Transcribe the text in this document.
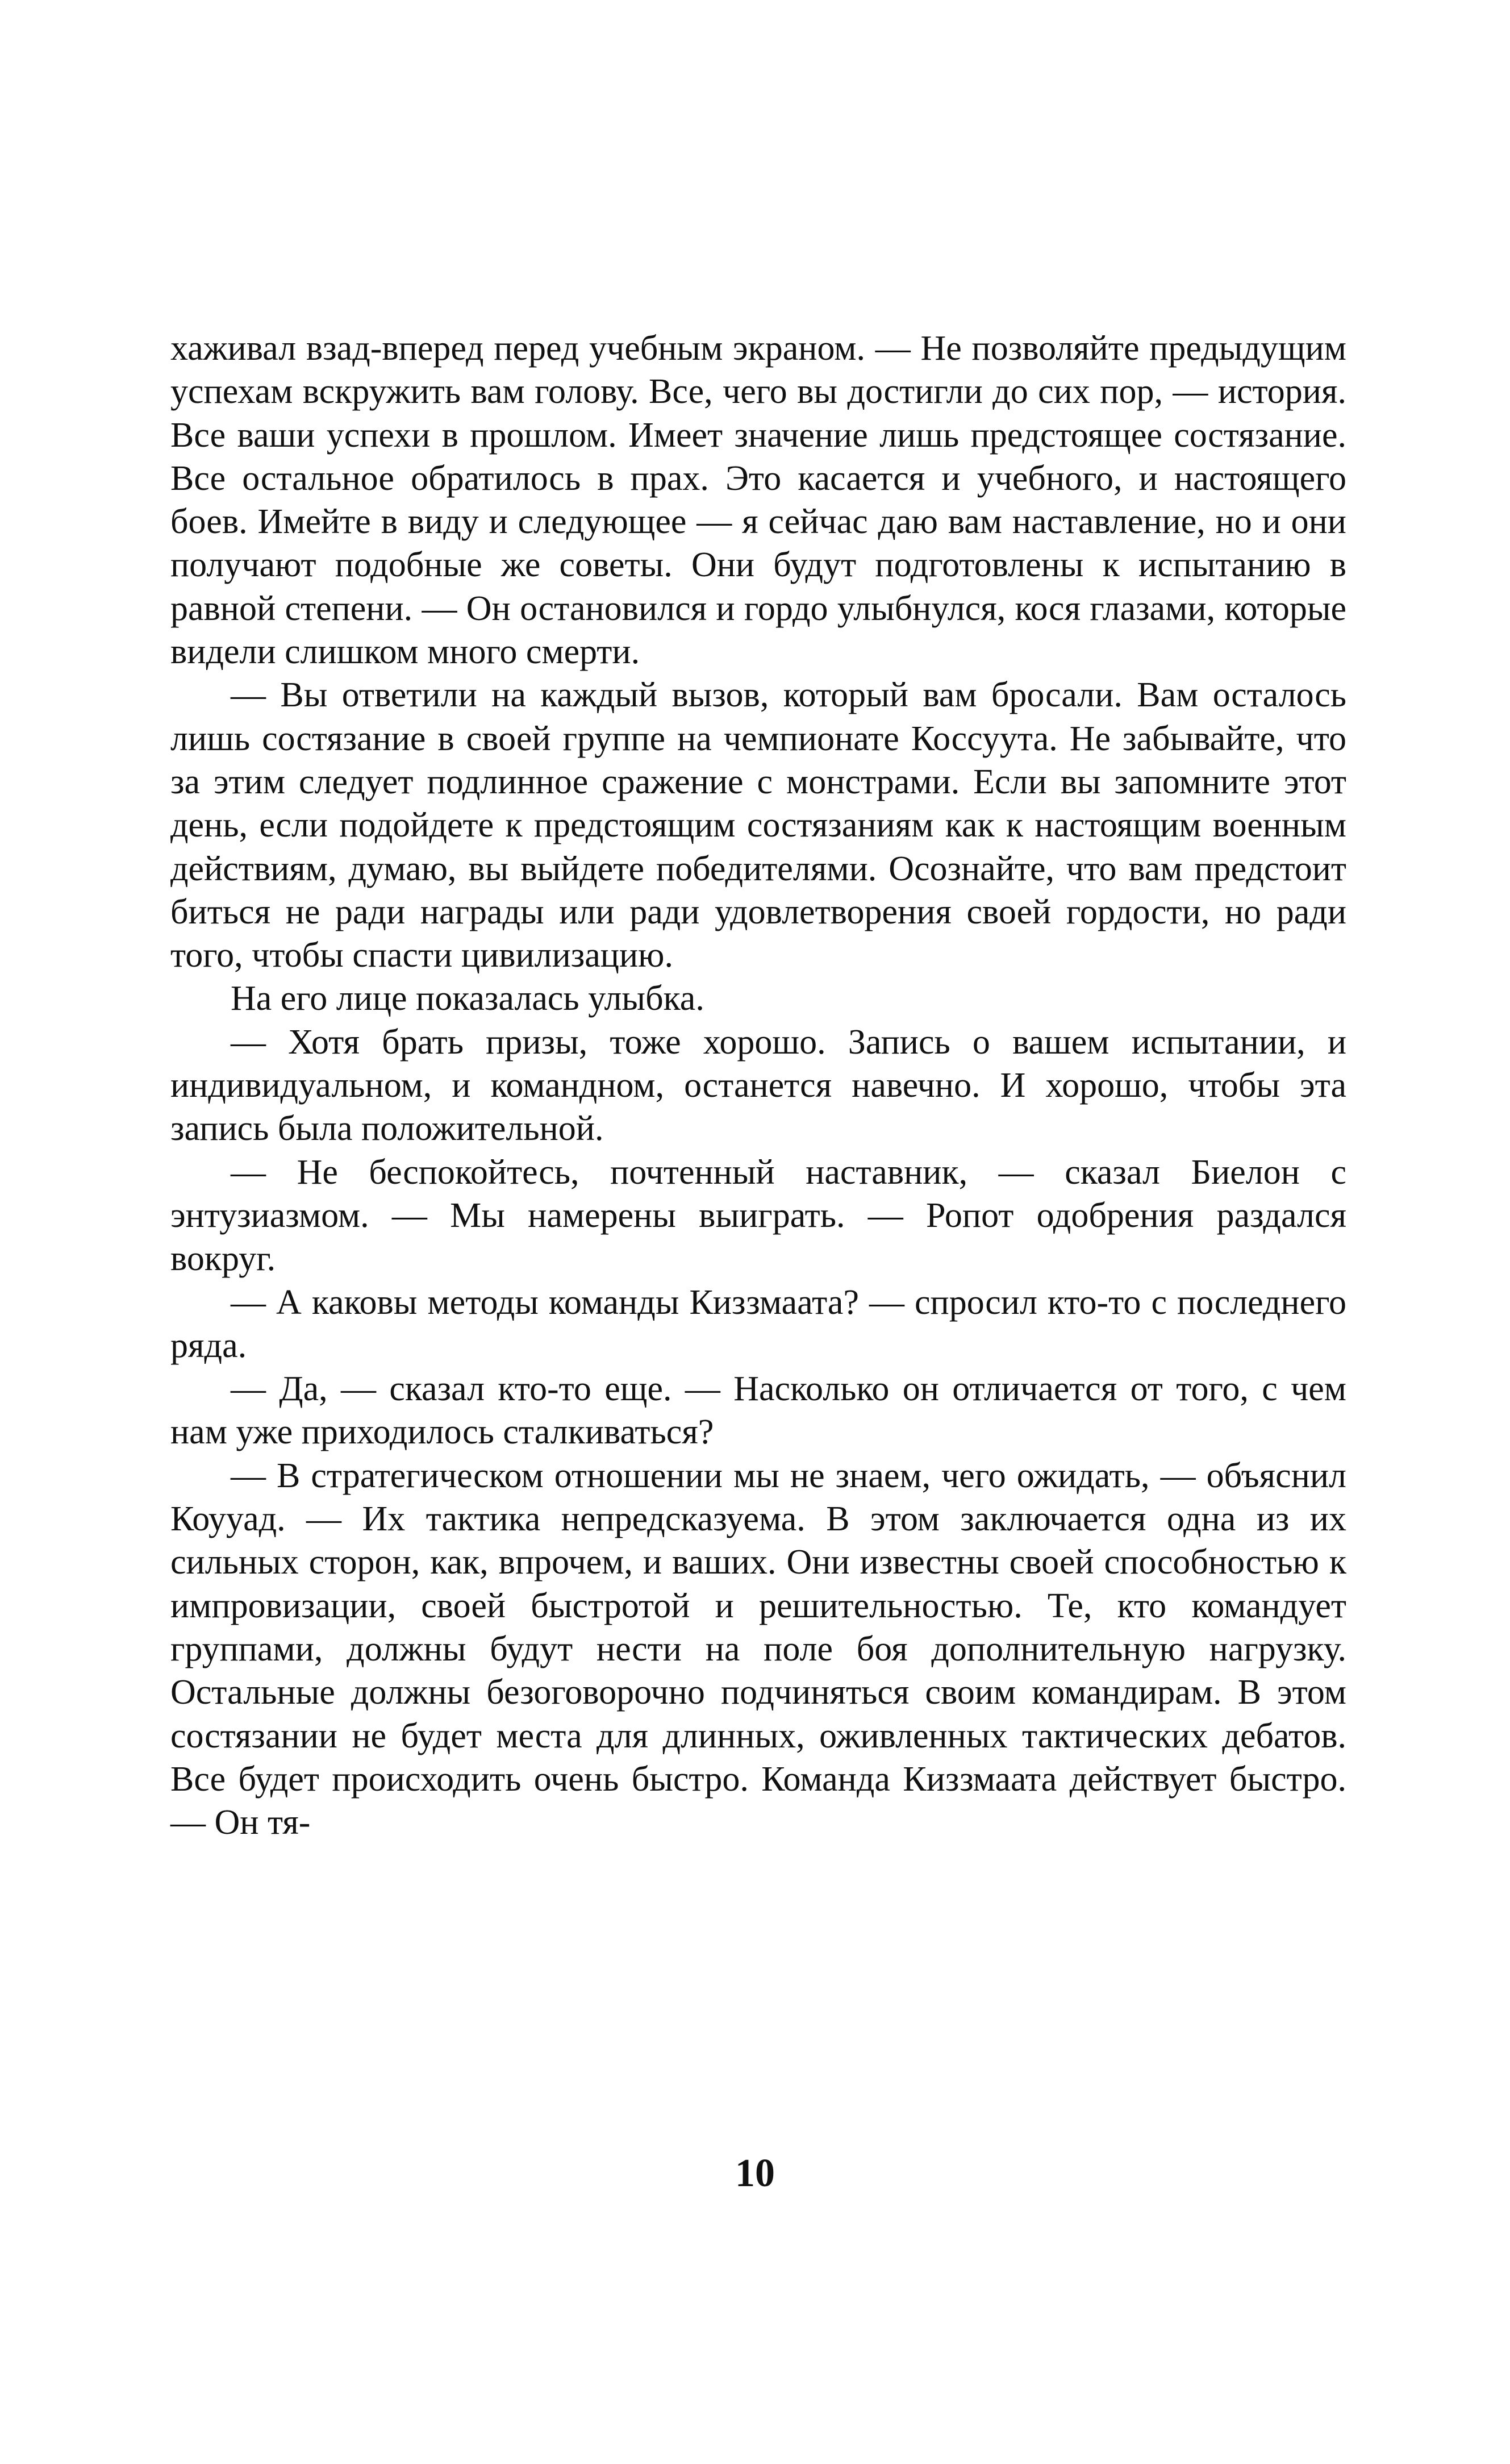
хаживал взад-вперед перед учебным экраном. — Не позволяйте предыдущим успехам вскружить вам голову. Все, чего вы достигли до сих пор, — история. Все ваши успехи в прошлом. Имеет значение лишь предстоящее состязание. Все остальное обратилось в прах. Это касается и учебного, и настоящего боев. Имейте в виду и следующее — я сейчас даю вам наставление, но и они получают подобные же советы. Они будут подготовлены к испытанию в равной степени. — Он остановился и гордо улыбнулся, кося глазами, которые видели слишком много смерти.

— Вы ответили на каждый вызов, который вам бросали. Вам осталось лишь состязание в своей группе на чемпионате Коссуута. Не забывайте, что за этим следует подлинное сражение с монстрами. Если вы запомните этот день, если подойдете к предстоящим состязаниям как к настоящим военным действиям, думаю, вы выйдете победителями. Осознайте, что вам предстоит биться не ради награды или ради удовлетворения своей гордости, но ради того, чтобы спасти цивилизацию.

На его лице показалась улыбка.

— Хотя брать призы, тоже хорошо. Запись о вашем испытании, и индивидуальном, и командном, останется навечно. И хорошо, чтобы эта запись была положительной.

— Не беспокойтесь, почтенный наставник, — сказал Биелон с энтузиазмом. — Мы намерены выиграть. — Ропот одобрения раздался вокруг.

— А каковы методы команды Киззмаата? — спросил кто-то с последнего ряда.

— Да, — сказал кто-то еще. — Насколько он отличается от того, с чем нам уже приходилось сталкиваться?

— В стратегическом отношении мы не знаем, чего ожидать, — объяснил Коууад. — Их тактика непредсказуема. В этом заключается одна из их сильных сторон, как, впрочем, и ваших. Они известны своей способностью к импровизации, своей быстротой и решительностью. Те, кто командует группами, должны будут нести на поле боя дополнительную нагрузку. Остальные должны безоговорочно подчиняться своим командирам. В этом состязании не будет места для длинных, оживленных тактических дебатов. Все будет происходить очень быстро. Команда Киззмаата действует быстро. — Он тя-

10
